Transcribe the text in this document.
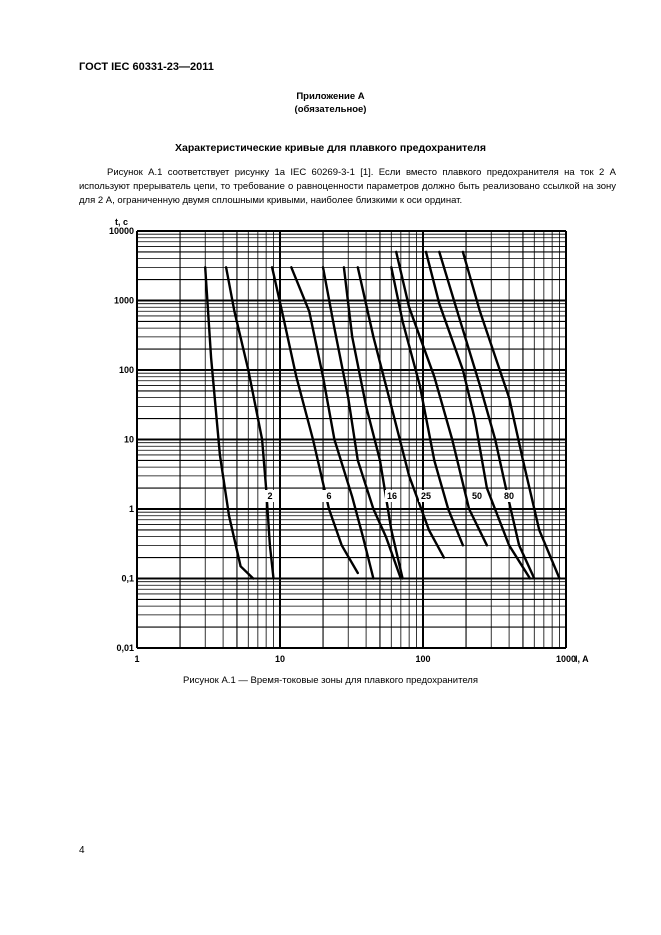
ГОСТ IEC 60331-23—2011
Приложение А
(обязательное)
Характеристические кривые для плавкого предохранителя

Рисунок А.1 соответствует рисунку 1а IEC 60269-3-1 [1]. Если вместо плавкого предохранителя на ток 2 А используют прерыватель цепи, то требование о равноценности параметров должно быть реализовано ссылкой на зону для 2 А, ограниченную двумя сплошными кривыми, наиболее близкими к оси ординат.

1	10	100	1000
0,01
0,1
1
10
100
1000
10000
2	6	16	25	50 80
t, c
I, A
Рисунок А.1 — Время-токовые зоны для плавкого предохранителя
4
